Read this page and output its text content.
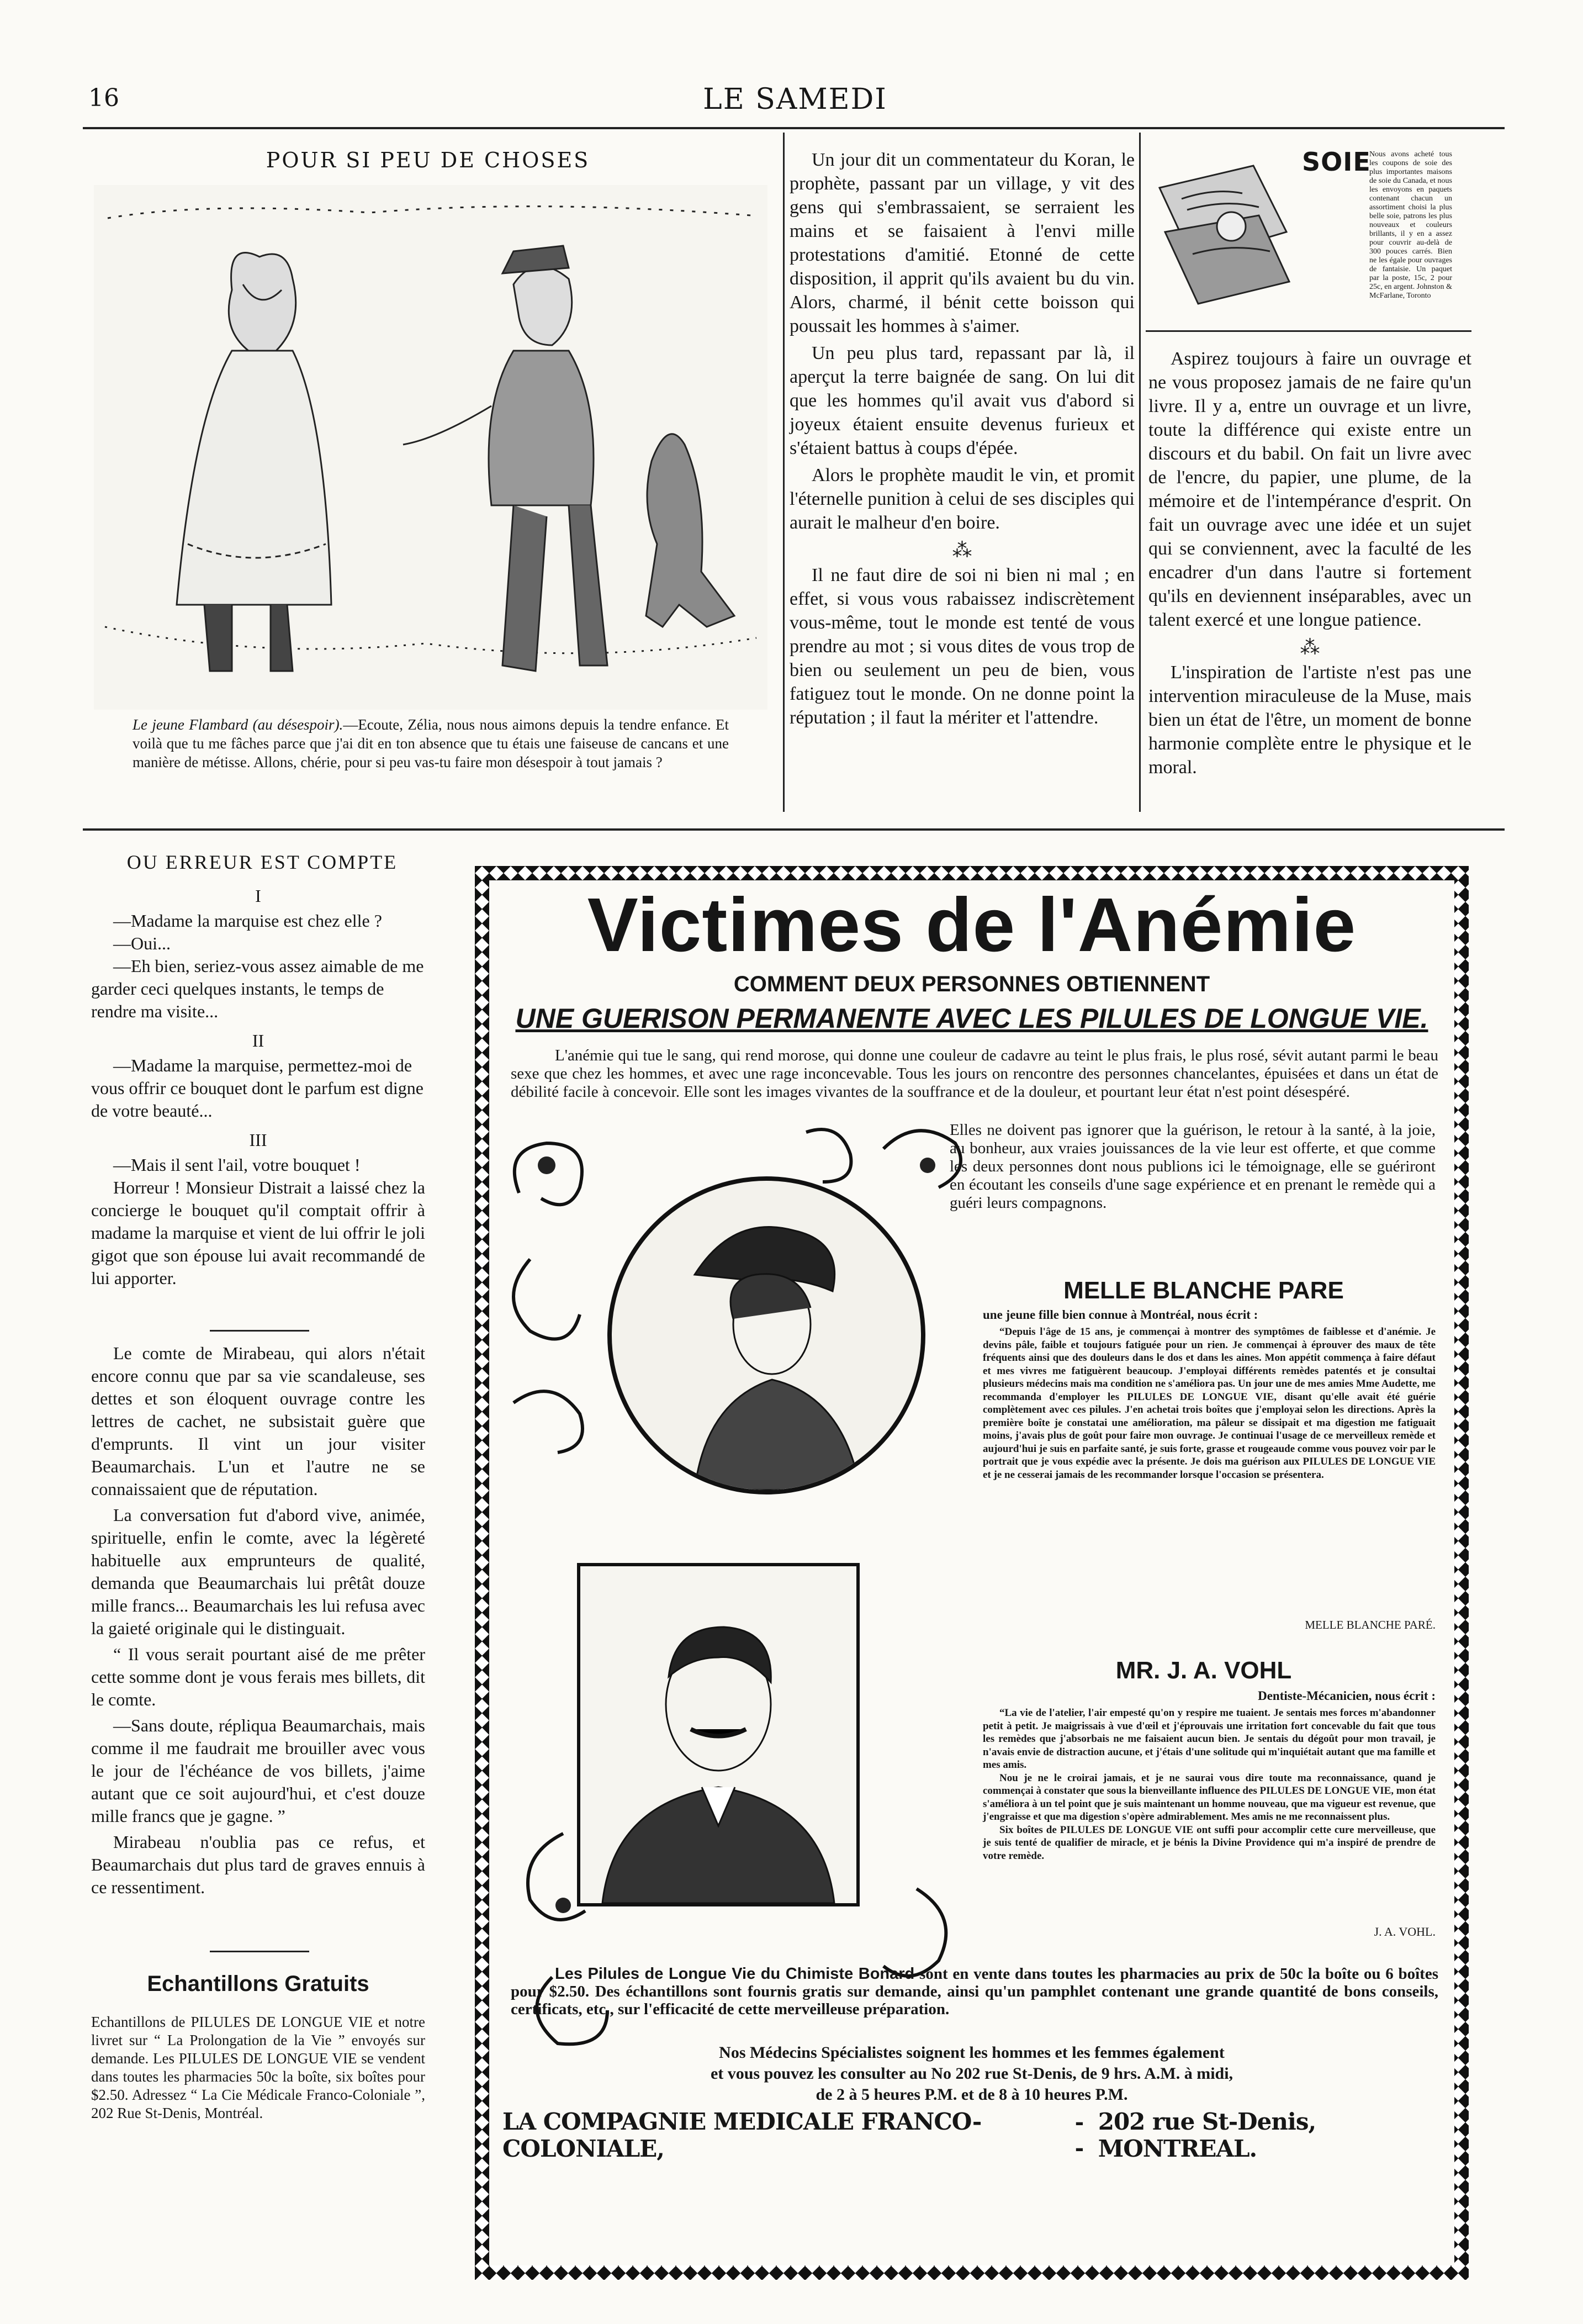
16	LE SAMEDI
POUR SI PEU DE CHOSES
Le jeune Flambard (au désespoir).—Ecoute, Zélia, nous nous aimons depuis la tendre enfance. Et voilà que tu me fâches parce que j'ai dit en ton absence que tu étais une faiseuse de cancans et une manière de métisse. Allons, chérie, pour si peu vas-tu faire mon désespoir à tout jamais ?

Un jour dit un commentateur du Koran, le prophète, passant par un village, y vit des gens qui s'embrassaient, se serraient les mains et se faisaient à l'envi mille protestations d'amitié. Etonné de cette disposition, il apprit qu'ils avaient bu du vin. Alors, charmé, il bénit cette boisson qui poussait les hommes à s'aimer.

Un peu plus tard, repassant par là, il aperçut la terre baignée de sang. On lui dit que les hommes qu'il avait vus d'abord si joyeux étaient ensuite devenus furieux et s'étaient battus à coups d'épée.

Alors le prophète maudit le vin, et promit l'éternelle punition à celui de ses disciples qui aurait le malheur d'en boire.

⁂

Il ne faut dire de soi ni bien ni mal ; en effet, si vous vous rabaissez indiscrètement vous-même, tout le monde est tenté de vous prendre au mot ; si vous dites de vous trop de bien ou seulement un peu de bien, vous fatiguez tout le monde. On ne donne point la réputation ; il faut la mériter et l'attendre.

SOIE
Nous avons acheté tous les coupons de soie des plus importantes maisons de soie du Canada, et nous les envoyons en paquets contenant chacun un assortiment choisi la plus belle soie, patrons les plus nouveaux et couleurs brillants, il y en a assez pour couvrir au-delà de 300 pouces carrés. Bien ne les égale pour ouvrages de fantaisie. Un paquet par la poste, 15c, 2 pour 25c, en argent. Johnston & McFarlane, Toronto

Aspirez toujours à faire un ouvrage et ne vous proposez jamais de ne faire qu'un livre. Il y a, entre un ouvrage et un livre, toute la différence qui existe entre un discours et du babil. On fait un livre avec de l'encre, du papier, une plume, de la mémoire et de l'intempérance d'esprit. On fait un ouvrage avec une idée et un sujet qui se conviennent, avec la faculté de les encadrer d'un dans l'autre si fortement qu'ils en deviennent inséparables, avec un talent exercé et une longue patience.

⁂

L'inspiration de l'artiste n'est pas une intervention miraculeuse de la Muse, mais bien un état de l'être, un moment de bonne harmonie complète entre le physique et le moral.

OU ERREUR EST COMPTE
I

—Madame la marquise est chez elle ?

—Oui...

—Eh bien, seriez-vous assez aimable de me garder ceci quelques instants, le temps de rendre ma visite...

II

—Madame la marquise, permettez-moi de vous offrir ce bouquet dont le parfum est digne de votre beauté...

III

—Mais il sent l'ail, votre bouquet !

Horreur ! Monsieur Distrait a laissé chez la concierge le bouquet qu'il comptait offrir à madame la marquise et vient de lui offrir le joli gigot que son épouse lui avait recommandé de lui apporter.

Le comte de Mirabeau, qui alors n'était encore connu que par sa vie scandaleuse, ses dettes et son éloquent ouvrage contre les lettres de cachet, ne subsistait guère que d'emprunts. Il vint un jour visiter Beaumarchais. L'un et l'autre ne se connaissaient que de réputation.

La conversation fut d'abord vive, animée, spirituelle, enfin le comte, avec la légèreté habituelle aux emprunteurs de qualité, demanda que Beaumarchais lui prêtât douze mille francs... Beaumarchais les lui refusa avec la gaieté originale qui le distinguait.

“ Il vous serait pourtant aisé de me prêter cette somme dont je vous ferais mes billets, dit le comte.

—Sans doute, répliqua Beaumarchais, mais comme il me faudrait me brouiller avec vous le jour de l'échéance de vos billets, j'aime autant que ce soit aujourd'hui, et c'est douze mille francs que je gagne. ”

Mirabeau n'oublia pas ce refus, et Beaumarchais dut plus tard de graves ennuis à ce ressentiment.

Echantillons Gratuits
Echantillons de PILULES DE LONGUE VIE et notre livret sur “ La Prolongation de la Vie ” envoyés sur demande. Les PILULES DE LONGUE VIE se vendent dans toutes les pharmacies 50c la boîte, six boîtes pour $2.50. Adressez “ La Cie Médicale Franco-Coloniale ”, 202 Rue St-Denis, Montréal.
Victimes de l'Anémie
COMMENT DEUX PERSONNES OBTIENNENT
UNE GUERISON PERMANENTE AVEC LES PILULES DE LONGUE VIE.
L'anémie qui tue le sang, qui rend morose, qui donne une couleur de cadavre au teint le plus frais, le plus rosé, sévit autant parmi le beau sexe que chez les hommes, et avec une rage inconcevable. Tous les jours on rencontre des personnes chancelantes, épuisées et dans un état de débilité facile à concevoir. Elle sont les images vivantes de la souffrance et de la douleur, et pourtant leur état n'est point désespéré.
Elles ne doivent pas ignorer que la guérison, le retour à la santé, à la joie, au bonheur, aux vraies jouissances de la vie leur est offerte, et que comme les deux personnes dont nous publions ici le témoignage, elle se guériront en écoutant les conseils d'une sage expérience et en prenant le remède qui a guéri leurs compagnons.
MELLE BLANCHE PARE
une jeune fille bien connue à Montréal, nous écrit :
“Depuis l'âge de 15 ans, je commençai à montrer des symptômes de faiblesse et d'anémie. Je devins pâle, faible et toujours fatiguée pour un rien. Je commençai à éprouver des maux de tête fréquents ainsi que des douleurs dans le dos et dans les aines. Mon appétit commença à faire défaut et mes vivres me fatiguèrent beaucoup. J'employai différents remèdes patentés et je consultai plusieurs médecins mais ma condition ne s'améliora pas. Un jour une de mes amies Mme Audette, me recommanda d'employer les PILULES DE LONGUE VIE, disant qu'elle avait été guérie complètement avec ces pilules. J'en achetai trois boîtes que j'employai selon les directions. Après la première boîte je constatai une amélioration, ma pâleur se dissipait et ma digestion me fatiguait moins, j'avais plus de goût pour faire mon ouvrage. Je continuai l'usage de ce merveilleux remède et aujourd'hui je suis en parfaite santé, je suis forte, grasse et rougeaude comme vous pouvez voir par le portrait que je vous expédie avec la présente. Je dois ma guérison aux PILULES DE LONGUE VIE et je ne cesserai jamais de les recommander lorsque l'occasion se présentera.
MELLE BLANCHE PARÉ.
MR. J. A. VOHL
Dentiste-Mécanicien, nous écrit :

“La vie de l'atelier, l'air empesté qu'on y respire me tuaient. Je sentais mes forces m'abandonner petit à petit. Je maigrissais à vue d'œil et j'éprouvais une irritation fort concevable du fait que tous les remèdes que j'absorbais ne me faisaient aucun bien. Je sentais du dégoût pour mon travail, je n'avais envie de distraction aucune, et j'étais d'une solitude qui m'inquiétait autant que ma famille et mes amis.

Nou je ne le croirai jamais, et je ne saurai vous dire toute ma reconnaissance, quand je commençai à constater que sous la bienveillante influence des PILULES DE LONGUE VIE, mon état s'améliora à un tel point que je suis maintenant un homme nouveau, que ma vigueur est revenue, que j'engraisse et que ma digestion s'opère admirablement. Mes amis ne me reconnaissent plus.

Six boîtes de PILULES DE LONGUE VIE ont suffi pour accomplir cette cure merveilleuse, que je suis tenté de qualifier de miracle, et je bénis la Divine Providence qui m'a inspiré de prendre de votre remède.

J. A. VOHL.
Les Pilules de Longue Vie du Chimiste Bonard sont en vente dans toutes les pharmacies au prix de 50c la boîte ou 6 boîtes pour $2.50. Des échantillons sont fournis gratis sur demande, ainsi qu'un pamphlet contenant une grande quantité de bons conseils, certificats, etc., sur l'efficacité de cette merveilleuse préparation.
Nos Médecins Spécialistes soignent les hommes et les femmes également
et vous pouvez les consulter au No 202 rue St-Denis, de 9 hrs. A.M. à midi,
de 2 à 5 heures P.M. et de 8 à 10 heures P.M.
LA COMPAGNIE MEDICALE FRANCO-COLONIALE,
- -
202 rue St-Denis, MONTREAL.
